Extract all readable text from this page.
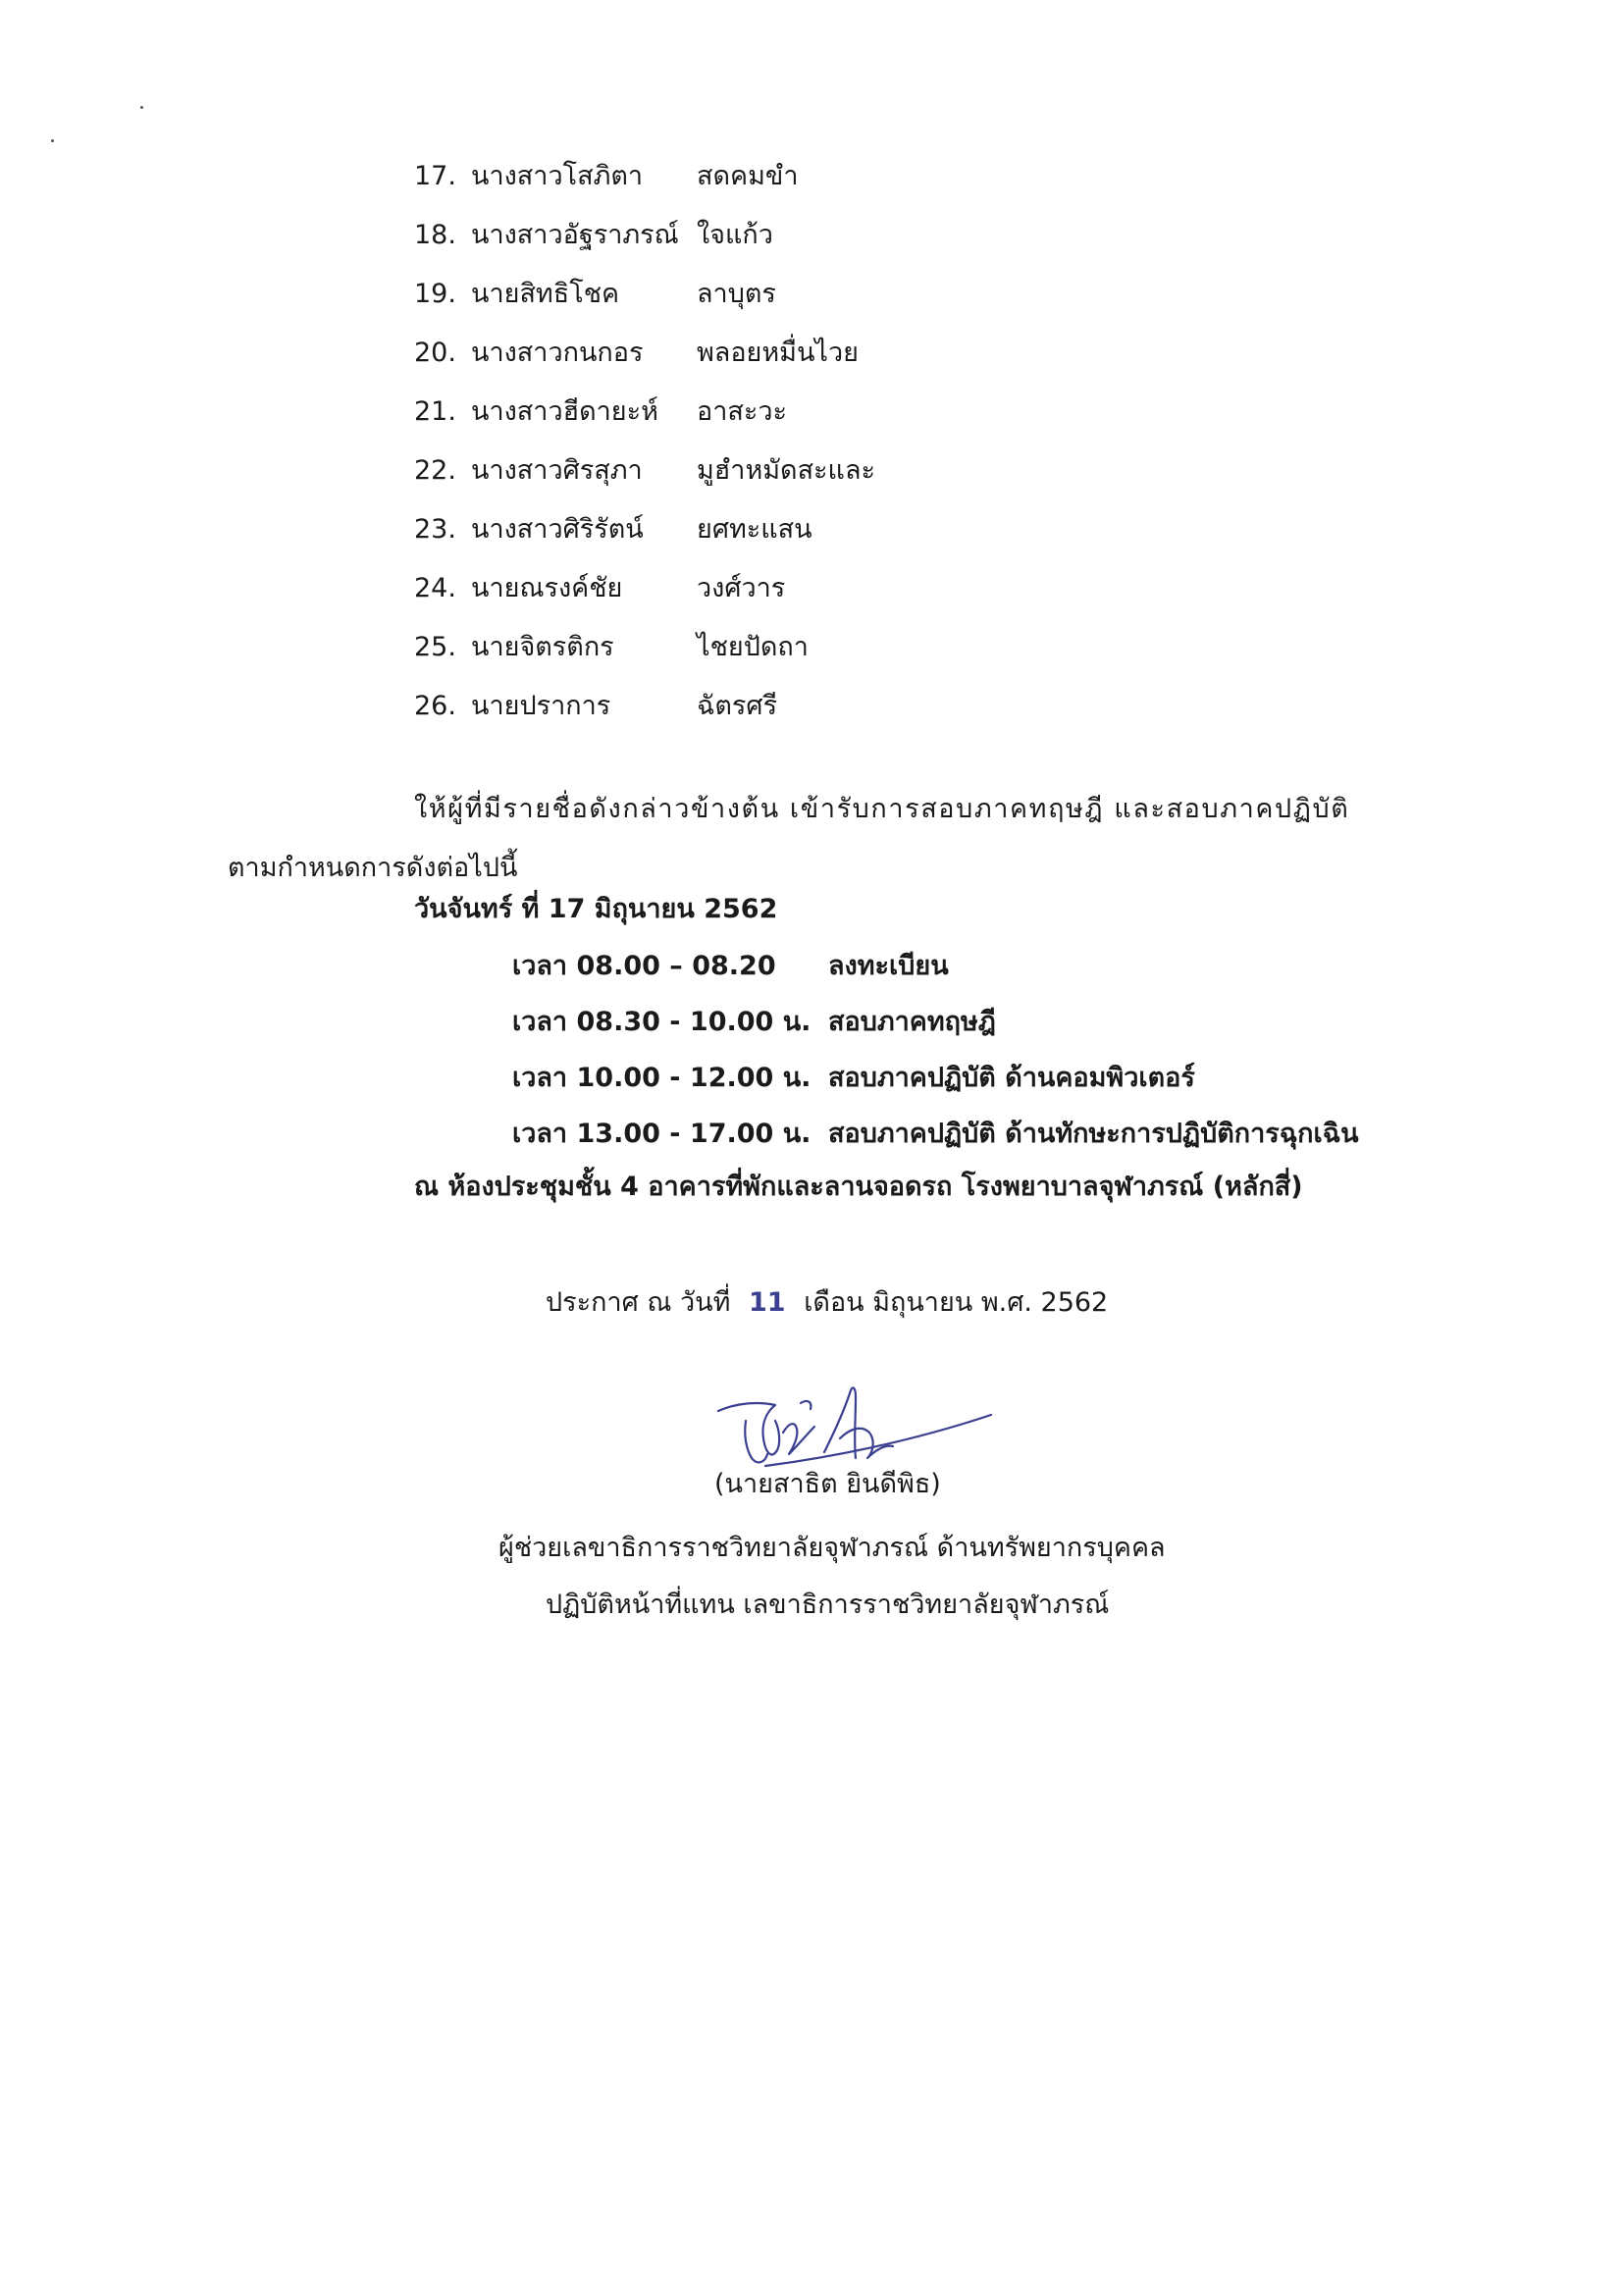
17. นางสาวโสภิตา สดคมขำ
18. นางสาวอัฐราภรณ์ ใจแก้ว
19. นายสิทธิโชค	ลาบุตร
20. นางสาวกนกอร พลอยหมื่นไวย
21. นางสาวฮีดายะห์ อาสะวะ
22. นางสาวศิรสุภา มูฮำหมัดสะและ
23. นางสาวศิริรัตน์ ยศทะแสน
24. นายณรงค์ชัย	วงศ์วาร
25. นายจิตรติกร	ไชยปัดถา
26. นายปราการ	ฉัตรศรี
ให้ผู้ที่มีรายชื่อดังกล่าวข้างต้น เข้ารับการสอบภาคทฤษฎี และสอบภาคปฏิบัติ
ตามกำหนดการดังต่อไปนี้
วันจันทร์ ที่ 17 มิถุนายน 2562
เวลา 08.00 – 08.20 ลงทะเบียน
เวลา 08.30 - 10.00 น. สอบภาคทฤษฎี
เวลา 10.00 - 12.00 น. สอบภาคปฏิบัติ ด้านคอมพิวเตอร์
เวลา 13.00 - 17.00 น. สอบภาคปฏิบัติ ด้านทักษะการปฏิบัติการฉุกเฉิน
ณ ห้องประชุมชั้น 4 อาคารที่พักและลานจอดรถ โรงพยาบาลจุฬาภรณ์ (หลักสี่)
ประกาศ ณ วันที่ 11 เดือน มิถุนายน พ.ศ. 2562
(นายสาธิต ยินดีพิธ)
ผู้ช่วยเลขาธิการราชวิทยาลัยจุฬาภรณ์ ด้านทรัพยากรบุคคล
ปฏิบัติหน้าที่แทน เลขาธิการราชวิทยาลัยจุฬาภรณ์
